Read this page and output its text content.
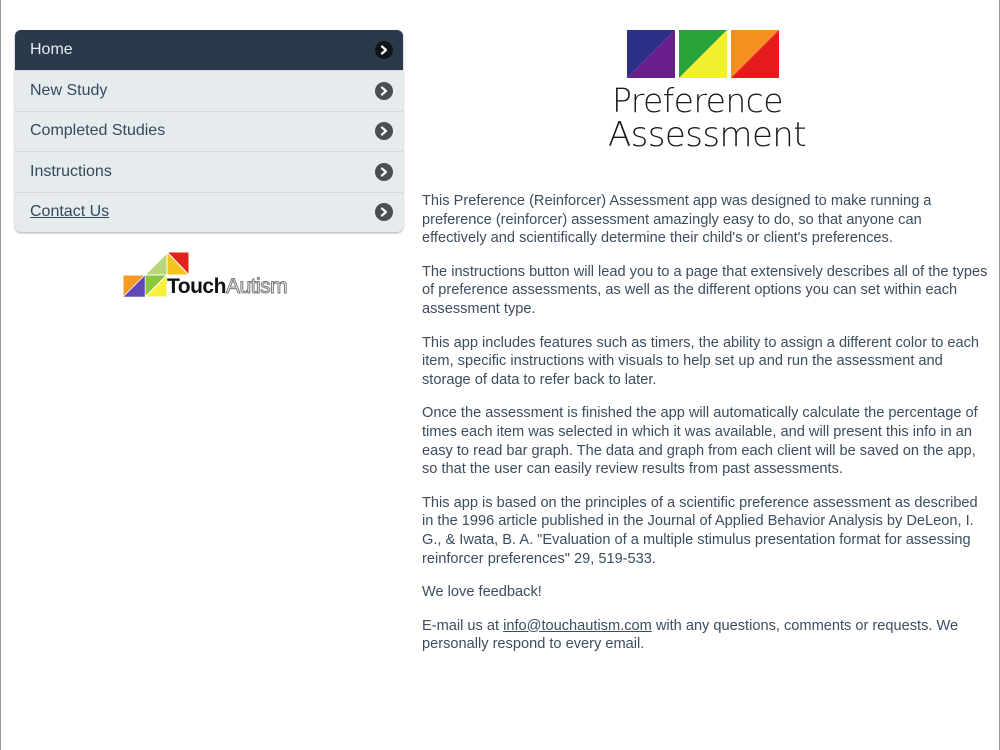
Home
New Study
Completed Studies
Instructions
Contact Us
TouchAutism
Preference
Assessment

This Preference (Reinforcer) Assessment app was designed to make running a preference (reinforcer) assessment amazingly easy to do, so that anyone can effectively and scientifically determine their child's or client's preferences.

The instructions button will lead you to a page that extensively describes all of the types of preference assessments, as well as the different options you can set within each assessment type.

This app includes features such as timers, the ability to assign a different color to each item, specific instructions with visuals to help set up and run the assessment and storage of data to refer back to later.

Once the assessment is finished the app will automatically calculate the percentage of times each item was selected in which it was available, and will present this info in an easy to read bar graph. The data and graph from each client will be saved on the app, so that the user can easily review results from past assessments.

This app is based on the principles of a scientific preference assessment as described in the 1996 article published in the Journal of Applied Behavior Analysis by DeLeon, I. G., & Iwata, B. A. "Evaluation of a multiple stimulus presentation format for assessing reinforcer preferences" 29, 519-533.

We love feedback!

E-mail us at info@touchautism.com with any questions, comments or requests. We personally respond to every email.
